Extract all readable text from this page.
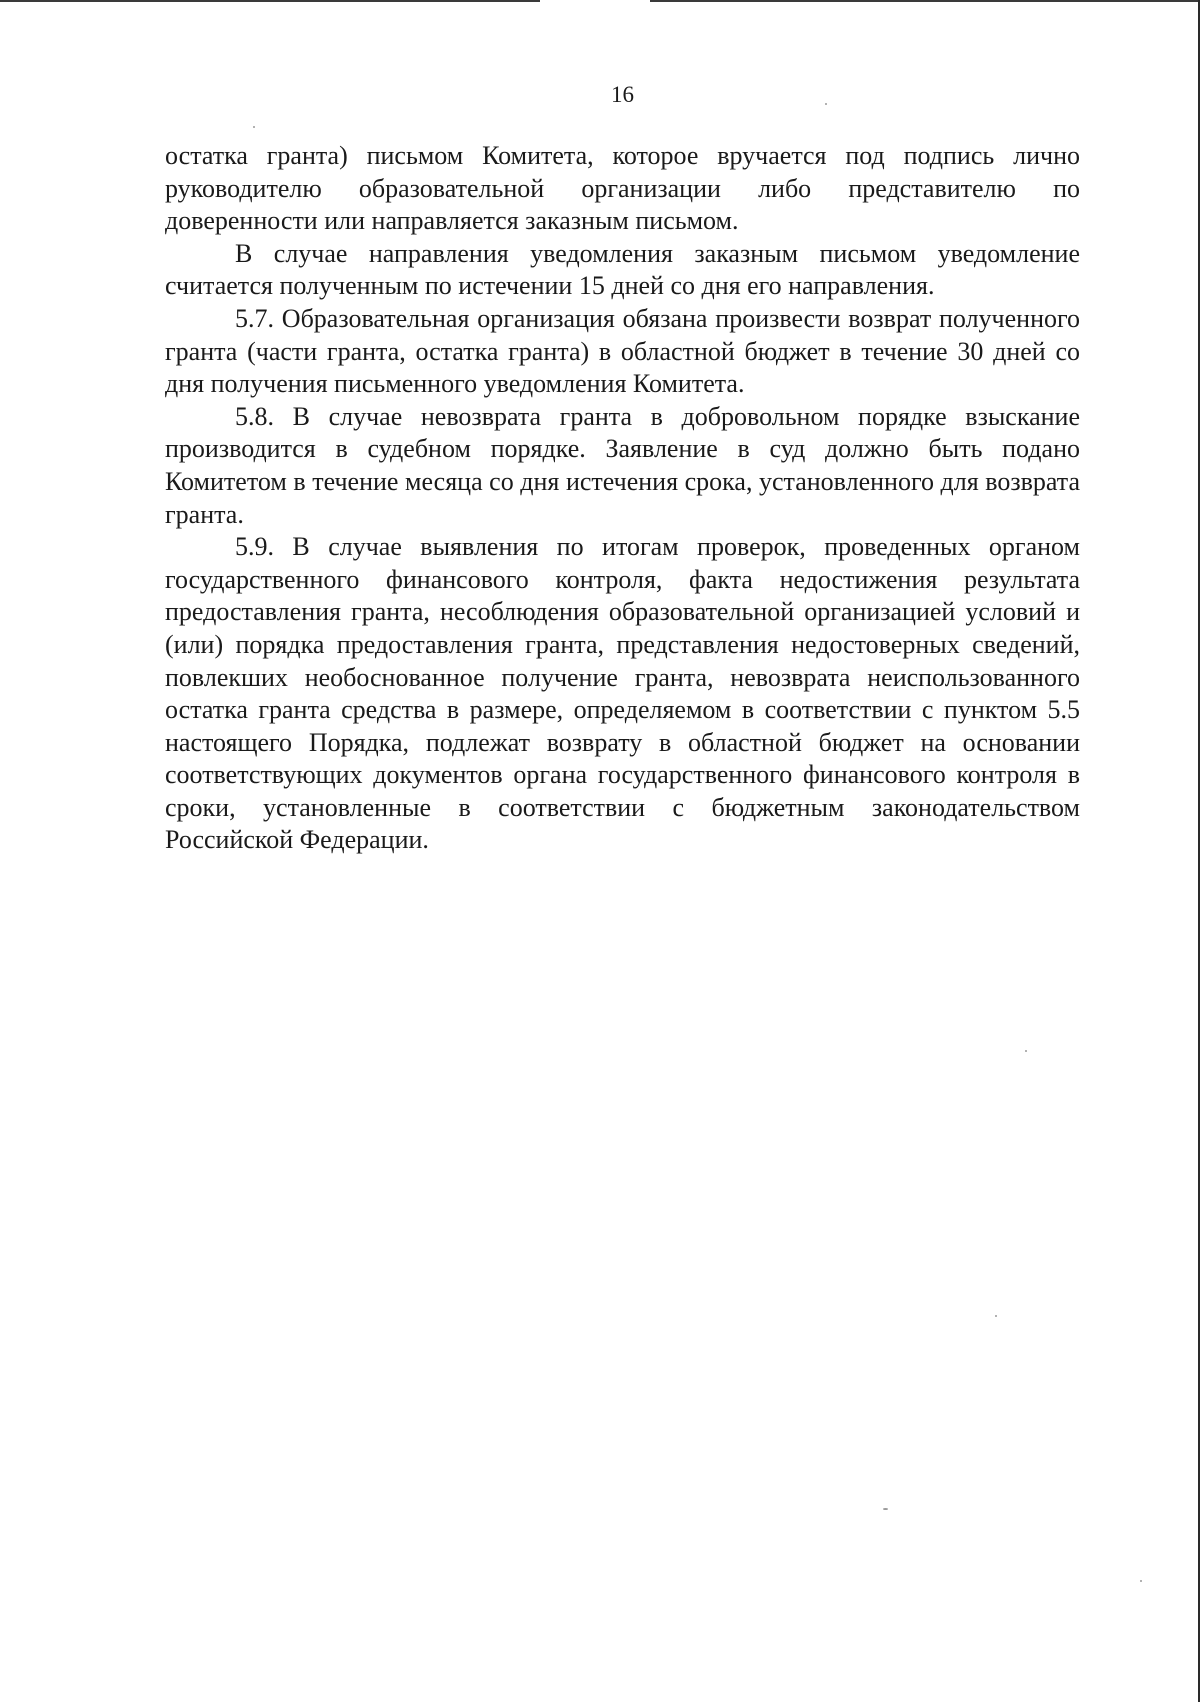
16

остатка гранта) письмом Комитета, которое вручается под подпись лично руководителю образовательной организации либо представителю по доверенности или направляется заказным письмом.

В случае направления уведомления заказным письмом уведомление считается полученным по истечении 15 дней со дня его направления.

5.7. Образовательная организация обязана произвести возврат полученного гранта (части гранта, остатка гранта) в областной бюджет в течение 30 дней со дня получения письменного уведомления Комитета.

5.8. В случае невозврата гранта в добровольном порядке взыскание производится в судебном порядке. Заявление в суд должно быть подано Комитетом в течение месяца со дня истечения срока, установленного для возврата гранта.

5.9. В случае выявления по итогам проверок, проведенных органом государственного финансового контроля, факта недостижения результата предоставления гранта, несоблюдения образовательной организацией условий и (или) порядка предоставления гранта, представления недостоверных сведений, повлекших необоснованное получение гранта, невозврата неиспользованного остатка гранта средства в размере, определяемом в соответствии с пунктом 5.5 настоящего Порядка, подлежат возврату в областной бюджет на основании соответствующих документов органа государственного финансового контроля в сроки, установленные в соответствии с бюджетным законодательством Российской Федерации.
